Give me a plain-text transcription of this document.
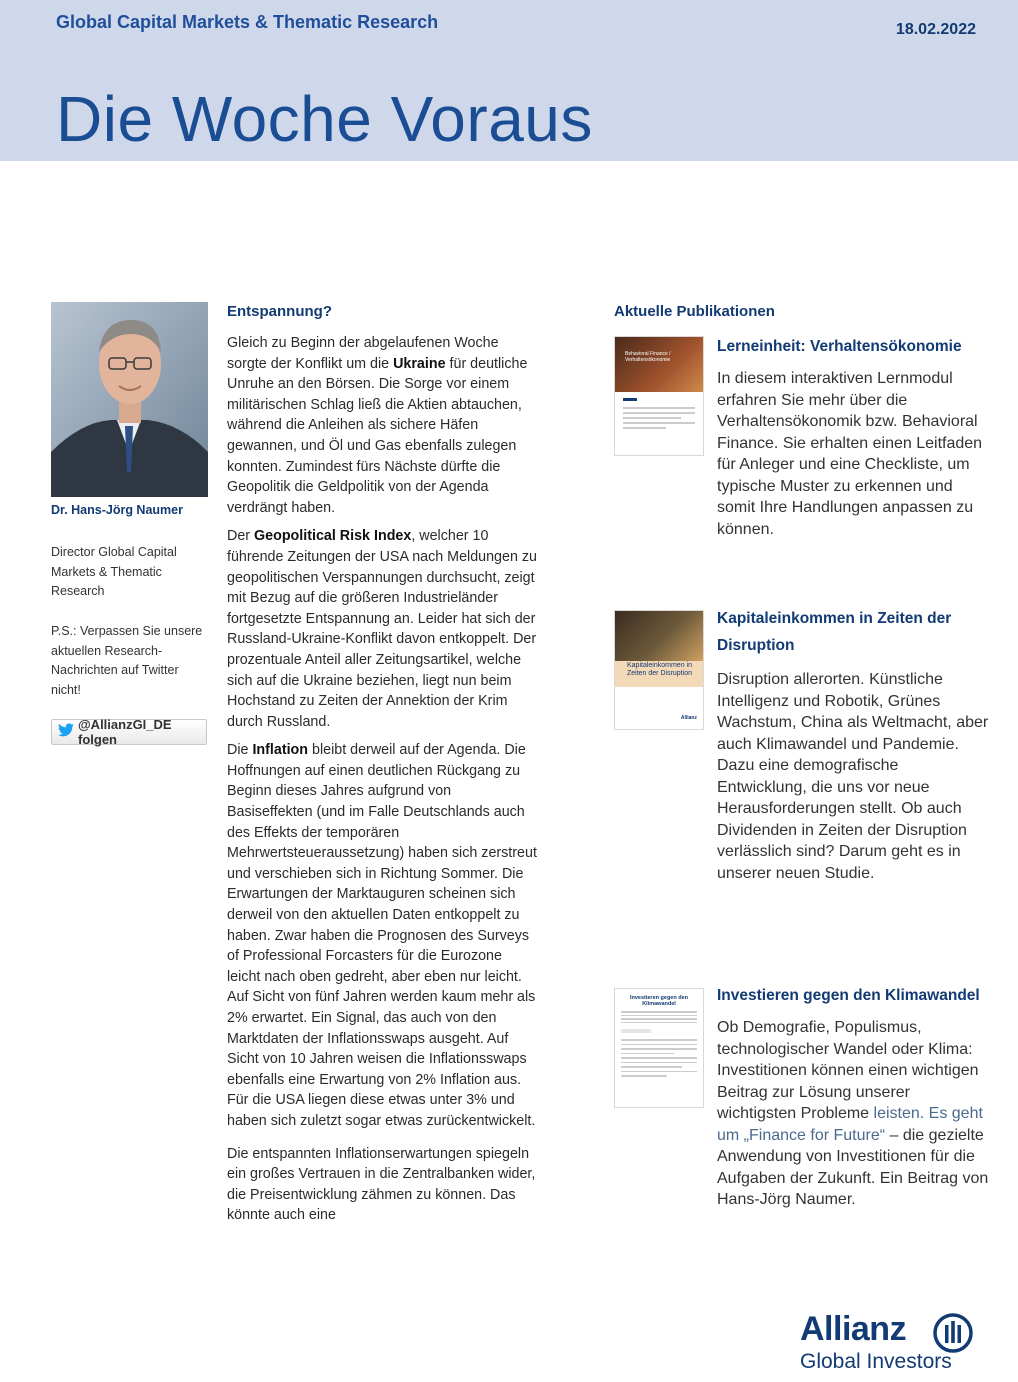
Global Capital Markets & Thematic Research	18.02.2022
Die Woche Voraus
Dr. Hans-Jörg Naumer
Director Global Capital Markets & Thematic Research
P.S.: Verpassen Sie unsere aktuellen Research-Nachrichten auf Twitter nicht!
@AllianzGI_DE folgen
Entspannung?

Gleich zu Beginn der abgelaufenen Woche sorgte der Konflikt um die Ukraine für deutliche Unruhe an den Börsen. Die Sorge vor einem militärischen Schlag ließ die Aktien abtauchen, während die Anleihen als sichere Häfen gewannen, und Öl und Gas ebenfalls zulegen konnten. Zumindest fürs Nächste dürfte die Geopolitik die Geldpolitik von der Agenda verdrängt haben.

Der Geopolitical Risk Index, welcher 10 führende Zeitungen der USA nach Meldungen zu geopolitischen Verspannungen durchsucht, zeigt mit Bezug auf die größeren Industrieländer fortgesetzte Entspannung an. Leider hat sich der Russland-Ukraine-Konflikt davon entkoppelt. Der prozentuale Anteil aller Zeitungsartikel, welche sich auf die Ukraine beziehen, liegt nun beim Hochstand zu Zeiten der Annektion der Krim durch Russland.

Die Inflation bleibt derweil auf der Agenda. Die Hoffnungen auf einen deutlichen Rückgang zu Beginn dieses Jahres aufgrund von Basiseffekten (und im Falle Deutschlands auch des Effekts der temporären Mehrwertsteueraussetzung) haben sich zerstreut und verschieben sich in Richtung Sommer. Die Erwartungen der Marktauguren scheinen sich derweil von den aktuellen Daten entkoppelt zu haben. Zwar haben die Prognosen des Surveys of Professional Forcasters für die Eurozone leicht nach oben gedreht, aber eben nur leicht. Auf Sicht von fünf Jahren werden kaum mehr als 2% erwartet. Ein Signal, das auch von den Marktdaten der Inflationsswaps ausgeht. Auf Sicht von 10 Jahren weisen die Inflationsswaps ebenfalls eine Erwartung von 2% Inflation aus. Für die USA liegen diese etwas unter 3% und haben sich zuletzt sogar etwas zurückentwickelt.

Die entspannten Inflationserwartungen spiegeln ein großes Vertrauen in die Zentralbanken wider, die Preisentwicklung zähmen zu können. Das könnte auch eine

Aktuelle Publikationen
Behavioral Finance / Verhaltensökonomie
Lerneinheit: Verhaltensökonomie
In diesem interaktiven Lernmodul erfahren Sie mehr über die Verhaltensökonomik bzw. Behavioral Finance. Sie erhalten einen Leitfaden für Anleger und eine Checkliste, um typische Muster zu erkennen und somit Ihre Handlungen anpassen zu können.
Kapitaleinkommen in Zeiten der Disruption
Allianz
Kapitaleinkommen in Zeiten der Disruption
Disruption allerorten. Künstliche Intelligenz und Robotik, Grünes Wachstum, China als Weltmacht, aber auch Klimawandel und Pandemie. Dazu eine demografische Entwicklung, die uns vor neue Herausforderungen stellt. Ob auch Dividenden in Zeiten der Disruption verlässlich sind? Darum geht es in unserer neuen Studie.
Investieren gegen den Klimawandel	Investieren gegen den Klimawandel
Ob Demografie, Populismus, technologischer Wandel oder Klima: Investitionen können einen wichtigen Beitrag zur Lösung unserer wichtigsten Probleme leisten. Es geht um „Finance for Future“ – die gezielte Anwendung von Investitionen für die Aufgaben der Zukunft. Ein Beitrag von Hans-Jörg Naumer.
Allianz
Global Investors
